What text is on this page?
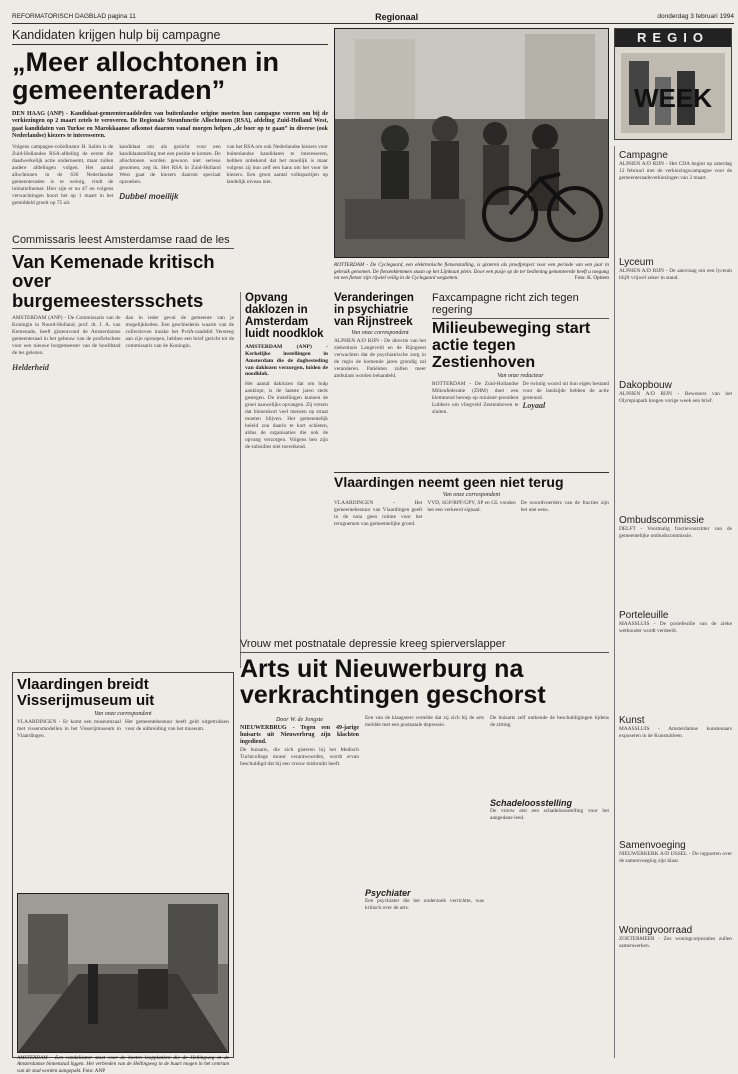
REFORMATORISCH DAGBLAD pagina 11	Regionaal	donderdag 3 februari 1994
Kandidaten krijgen hulp bij campagne
„Meer allochtonen in gemeenteraden”

DEN HAAG (ANP) - Kandidaat-gemeenteraadsleden van buitenlandse origine moeten hun campagne voeren om bij de verkiezingen op 2 maart zetels te veroveren. De Regionale Steunfunctie Allochtonen (RSA), afdeling Zuid-Holland West, gaat kandidaten van Turkse en Marokkaanse afkomst daarom vanaf morgen helpen „de boer op te gaan” in diverse (ook Nederlandse) kiezers te interesseren.

Volgens campagne-coördinator H. Salim is de Zuid-Hollandse RSA-afdeling de eerste die daadwerkelijk actie onderneemt, maar zullen andere afdelingen volgen. Het aantal allochtonen in de 636 Nederlandse gemeenteraden is te weinig, vindt de initiatiefnemer. Hier zijn er nu 47 en volgens verwachtingen hoort het op 1 maart in het gemiddeld groeit op 75 uit.
kandidaat om als gezicht voor een kandidaatstelling met een positie te komen. De allochtonen worden gewoon niet serieus genomen, zeg ik. Het RSA in Zuid-Holland West gaat de kiezers daarom speciaal opzoeken.

Dubbel moeilijk
van het RSA om ook Nederlandse kiezers voor buitenlandse kandidaten te interesseren, hebben onbekend dat het moeilijk is maar volgens zij hun zelf een kans om het voor de kiezers. Een groot aantal volkspartijen op landelijk niveau niet.
ROTTERDAM - De Cyclegaard, een elektronische fietsenstalling, is gisteren als proefproject voor een periode van een jaar in gebruik genomen. De fietsenklemmen staan op het Lijnbaan plein. Door een pasje op de ter bediening gemonteerde heeft u toegang tot een fietser zijn rijwiel veilig in de Cyclegaard wegzetten.	Foto: K. Optiem
REGIO
WEEK
Campagne

ALPHEN A/D RIJN - Het CDA begint op zaterdag 12 februari met de verkiezingscampagne voor de gemeenteraadsverkiezingen van 2 maart.

Lyceum

ALPHEN A/D RIJN - De aanvraag om een lyceum blijft vrijwel zeker in stand.

Dakopbouw

ALPHEN A/D RIJN - Bewoners van het Olympiapark kregen vorige week een brief.

Ombudscommissie

DELFT - Voormalig fractievoorzitter van de gemeentelijke ombudscommissie.

Porteleuille

MAASSLUIS - De portefeuille van de zieke wethouder wordt verdeeld.

Kunst

MAASSLUIS - Amsterdamse kunstenaars exposeren in de Kunstuitleen.

Samenvoeging

NIEUWERKERK A/D IJSSEL - De rapporten over de samenvoeging zijn klaar.

Woningvoorraad

ZOETERMEER - Zes woningcorporaties zullen samenwerken.

Commissaris leest Amsterdamse raad de les
Van Kemenade kritisch over burgemeestersschets
AMSTERDAM (ANP) - De Commissaris van de Koningin in Noord-Holland, prof. dr. J. A. van Kemenade, heeft gisteravond de Amsterdamse gemeenteraad in het gebouw van de profielschets voor een nieuwe burgemeester van de hoofdstad de les gelezen.

Helderheid
dan in ieder geval de gemeente van je mogelijkheden. Een geschiedenis waarin van de collectieven inzake het PvdA-raadslid Versteeg aan zijn oproepen, hebben een brief gericht tot de commissaris van de Koningin.
Opvang daklozen in Amsterdam luidt noodklok

AMSTERDAM (ANP) - Kerkelijke instellingen in Amsterdam die de dagbesteding van daklozen verzorgen, luiden de noodklok.

Het aantal daklozen dat om hulp aanklopt, is de laatste jaren sterk gestegen. De instellingen kunnen de groei nauwelijks opvangen. Zij vrezen dat binnenkort veel mensen op straat moeten blijven. Het gemeentelijk beleid zou daarin te kort schieten, aldus de organisaties die ook de opvang verzorgen. Volgens hen zijn de subsidies niet toereikend.

Veranderingen in psychiatrie van Rijnstreek
Van onze correspondent

ALPHEN A/D RIJN - De directie van het ziekenhuis Langeveld en de Rijngeest verwachten dat de psychiatrische zorg in de regio de komende jaren grondig zal veranderen. Patiënten zullen meer ambulant worden behandeld.

Faxcampagne richt zich tegen regering
Milieubeweging start actie tegen Zestienhoven
Van onze redacteur
ROTTERDAM - De Zuid-Hollandse Milieufederatie (ZHM) doet een klemmend beroep op minister-president Lubbers om vliegveld Zestienhoven te sluiten.
De twintig woord uit hun eigen bestand voor de landzijde hebben de actie gesteund.
Loyaal
Vlaardingen neemt geen niet terug
Van onze correspondent
VLAARDINGEN - Het gemeentebestuur van Vlaardingen geeft in de nota geen ruimte voor het terugnemen van gemeentelijke grond.
VVD, SGP/RPF/GPV, SP en GL vonden het een verkeerd signaal.
De woordvoerders van de fracties zijn het niet eens.
Vrouw met postnatale depressie kreeg spierverslapper
Arts uit Nieuwerburg na verkrachtingen geschorst
Door W. de Jongste

NIEUWERBRUG - Tegen een 49-jarige huisarts uit Nieuwerbrug zijn klachten ingediend.

De huisarts, die zich gisteren bij het Medisch Tuchtcollege moest verantwoorden, wordt ervan beschuldigd dat hij een vrouw misbruikt heeft.

Een van de klaagsters vertelde dat zij zich bij de arts meldde met een postnatale depressie.

Psychiater

Een psychiater die het onderzoek verrichtte, was kritisch over de arts.

De huisarts zelf ontkende de beschuldigingen tijdens de zitting.

Schadeloosstelling

De vrouw eist een schadeloosstelling voor het aangedane leed.

Vlaardingen breidt Visserijmuseum uit
Van onze correspondent

VLAARDINGEN - Er komt een museumzaal met vissersmodellen in het Visserijmuseum in Vlaardingen.

Het gemeentebestuur heeft geld uitgetrokken voor de uitbreiding van het museum.

AMSTERDAM - Een vandalisator staat voor de boeten loopplanken die de Hellingweg in de Amsterdamse binnenstad liggen. Het verbreden van de Hellingweg in de buurt mogen in het centrum van de stad worden aangepakt. Foto: ANP
